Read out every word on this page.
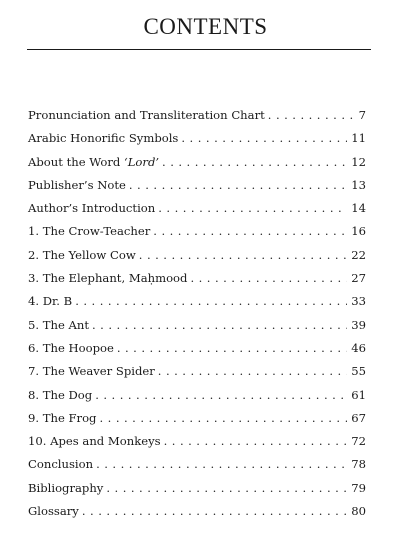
CONTENTS
Pronunciation and Transliteration Chart . . .	7
Arabic Honorific Symbols . . .	11
About the Word ‘Lord’ . . .	12
Publisher’s Note . . .	13
Author’s Introduction . . .	14
1. The Crow-Teacher . . .	16
2. The Yellow Cow . . .	22
3. The Elephant, Maḥmood . . .	27
4. Dr. B . . .	33
5. The Ant . . .	39
6. The Hoopoe . . .	46
7. The Weaver Spider . . .	55
8. The Dog . . .	61
9. The Frog . . .	67
10. Apes and Monkeys . . .	72
Conclusion . . .	78
Bibliography . . .	79
Glossary . . .	80
